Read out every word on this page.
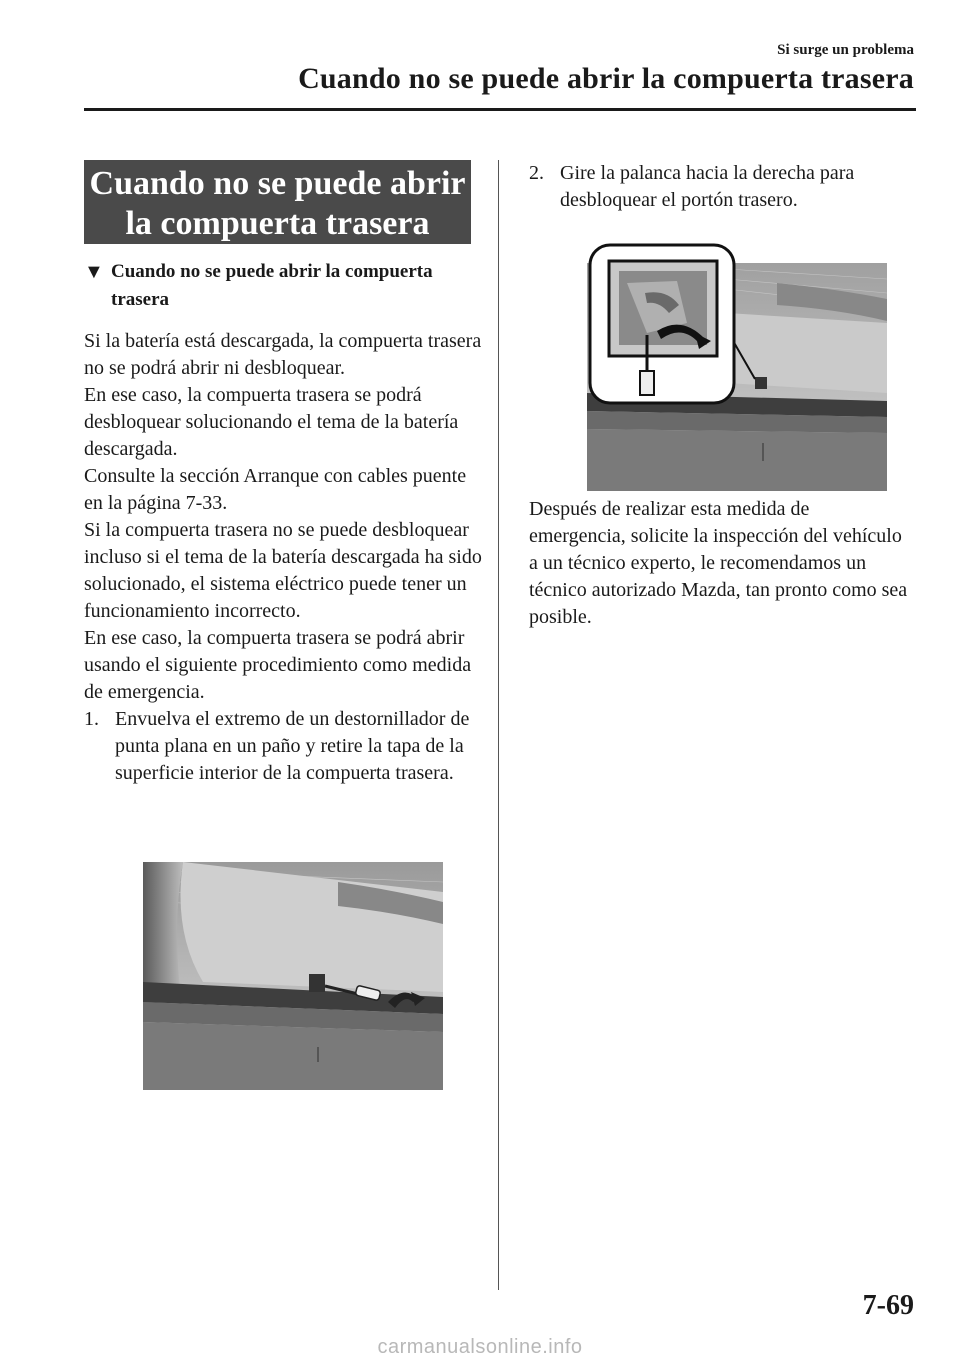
Si surge un problema
Cuando no se puede abrir la compuerta trasera
Cuando no se puede abrir
la compuerta trasera
▼ Cuando no se puede abrir la compuerta trasera

Si la batería está descargada, la compuerta trasera no se podrá abrir ni desbloquear.

En ese caso, la compuerta trasera se podrá desbloquear solucionando el tema de la batería descargada.

Consulte la sección Arranque con cables puente en la página 7-33.

Si la compuerta trasera no se puede desbloquear incluso si el tema de la batería descargada ha sido solucionado, el sistema eléctrico puede tener un funcionamiento incorrecto.

En ese caso, la compuerta trasera se podrá abrir usando el siguiente procedimiento como medida de emergencia.

1. Envuelva el extremo de un destornillador de punta plana en un paño y retire la tapa de la superficie interior de la compuerta trasera.
2. Gire la palanca hacia la derecha para desbloquear el portón trasero.

Después de realizar esta medida de emergencia, solicite la inspección del vehículo a un técnico experto, le recomendamos un técnico autorizado Mazda, tan pronto como sea posible.

7-69
carmanualsonline.info
